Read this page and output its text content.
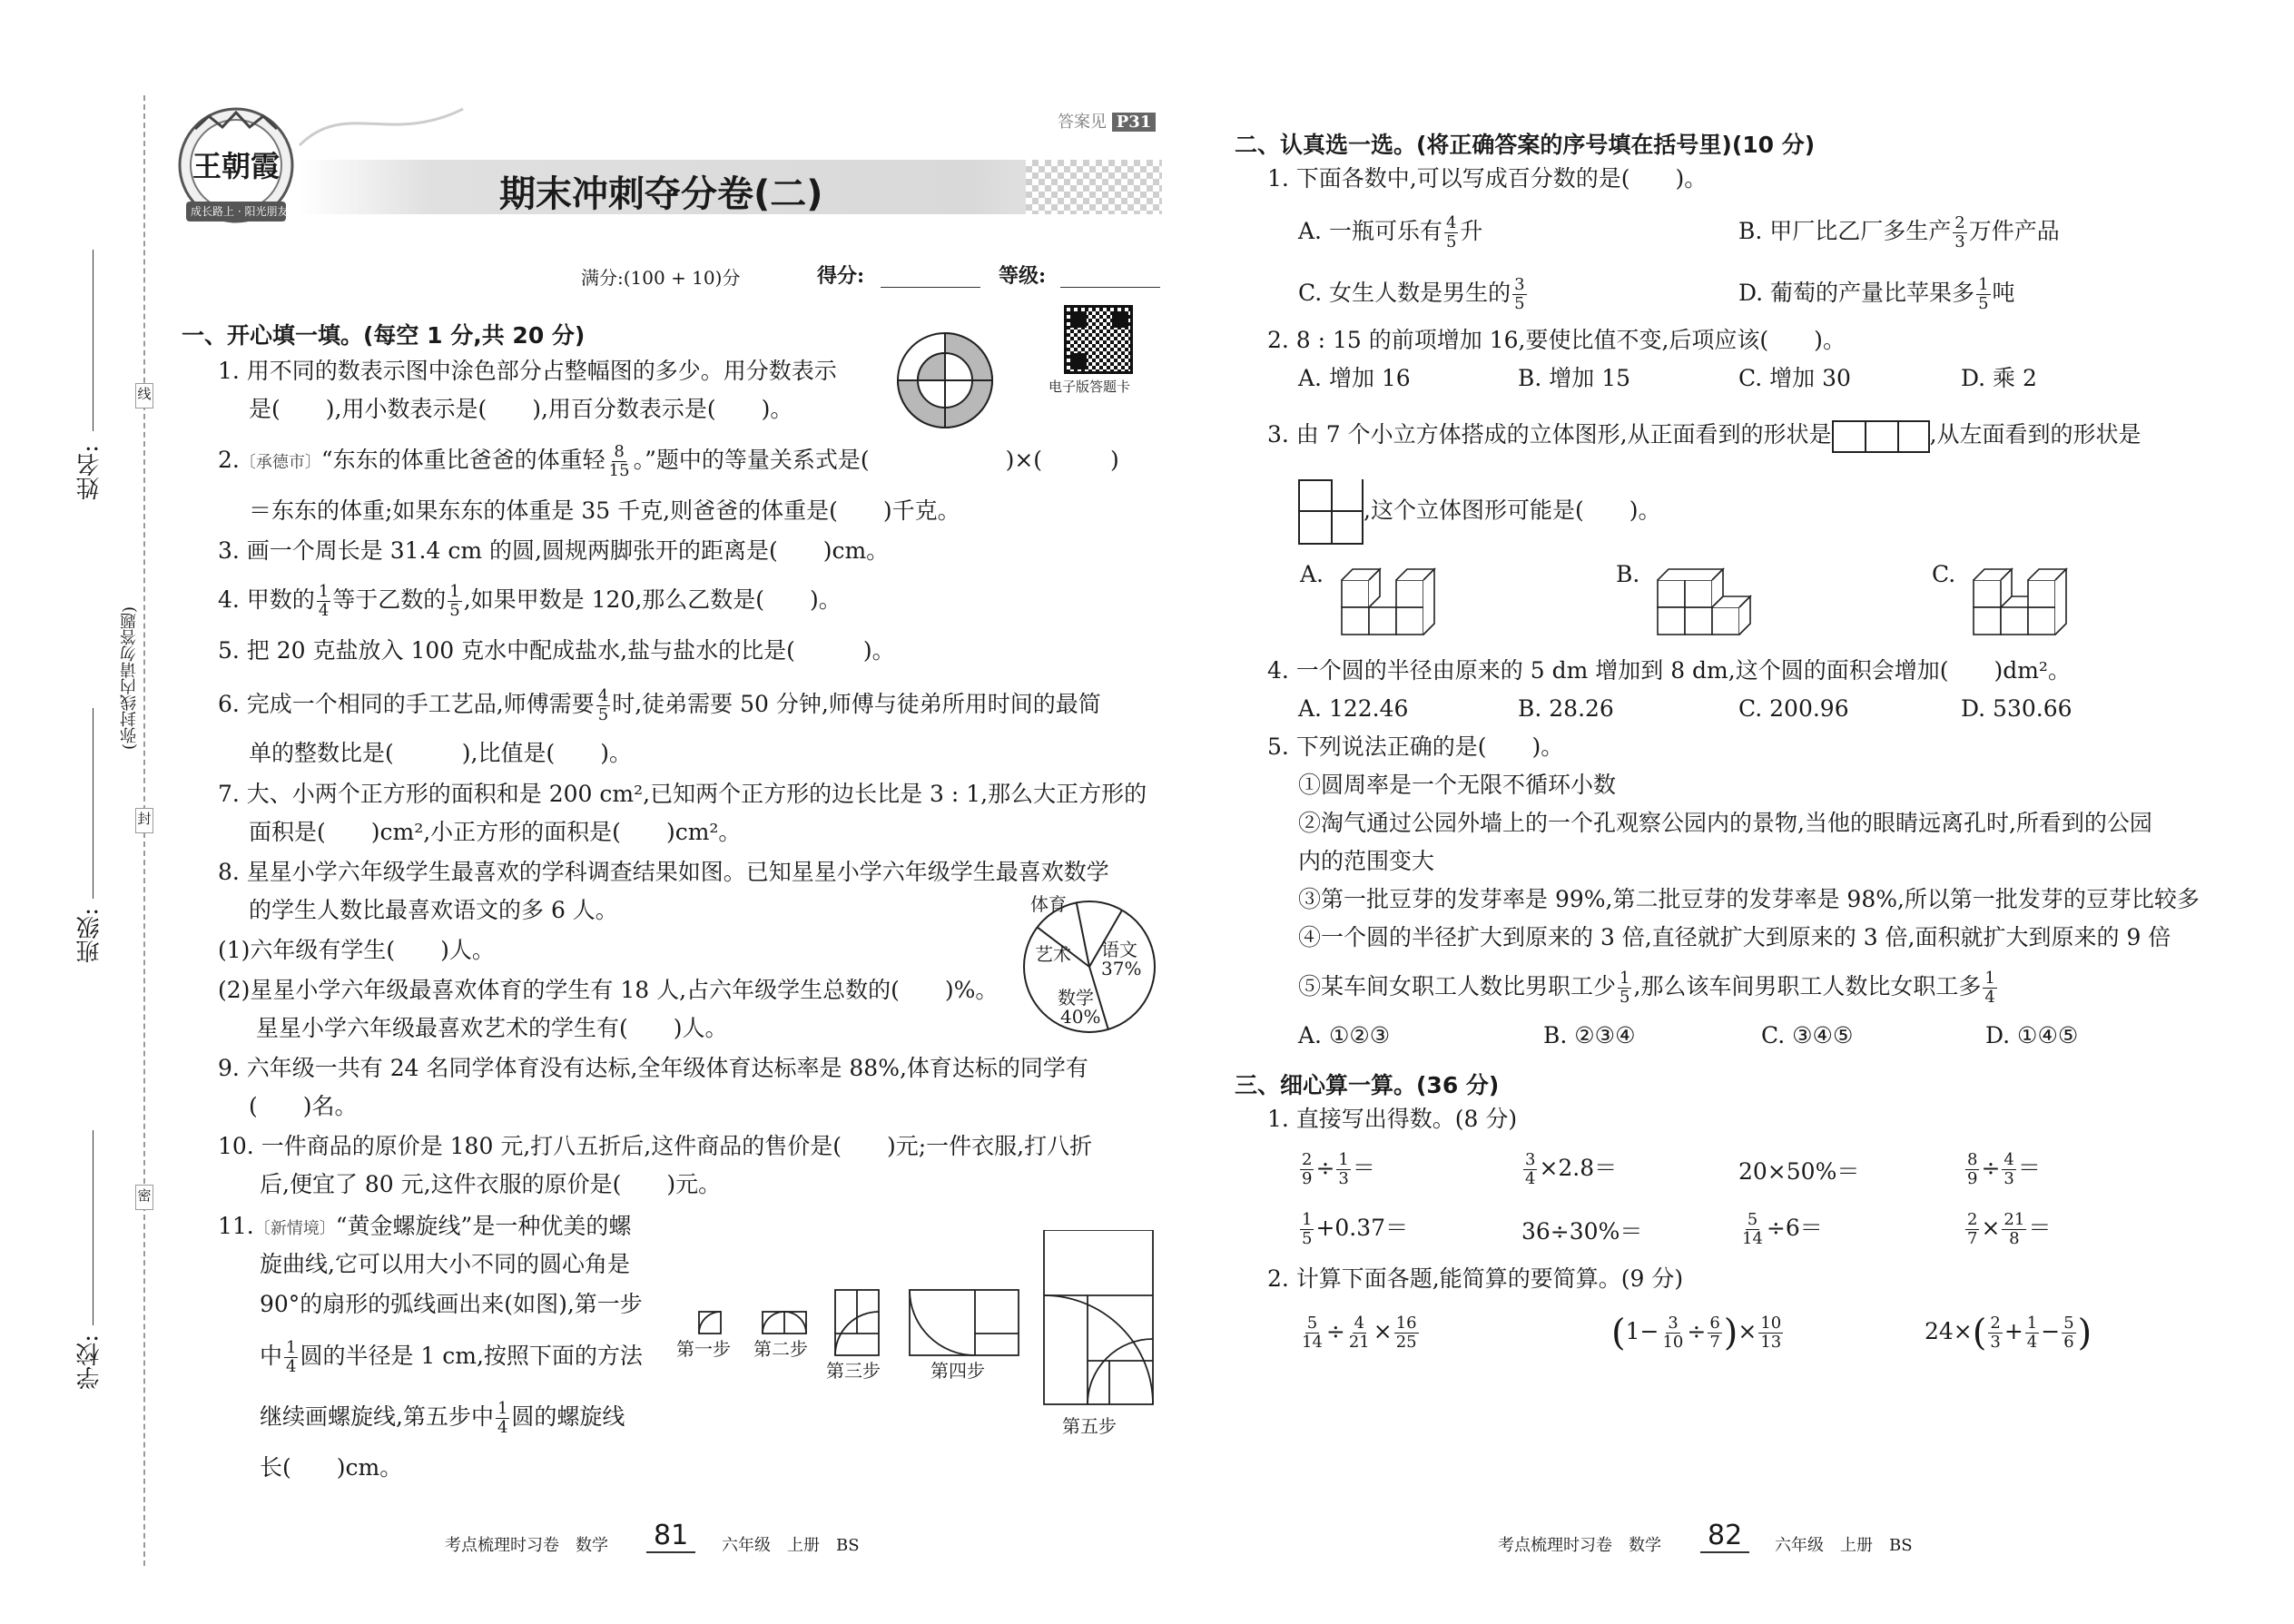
姓名:
班级:
学校:
线
(弥封线内请勿答题)
封
密
王朝霞
成长路上 · 阳光朋友
答案见 P31
期末冲刺夺分卷(二)
满分:(100 + 10)分	得分:	等级:
电子版答题卡
一、开心填一填。(每空 1 分,共 20 分)
1. 用不同的数表示图中涂色部分占整幅图的多少。用分数表示
是(　　),用小数表示是(　　),用百分数表示是(　　)。
2.〔承德市〕“东东的体重比爸爸的体重轻 $\frac{8}{15}$ 。”题中的等量关系式是(　　　　　　)×(　　　)
＝东东的体重;如果东东的体重是 35 千克,则爸爸的体重是(　　)千克。
3. 画一个周长是 31.4 cm 的圆,圆规两脚张开的距离是(　　)cm。
4. 甲数的 $\frac{1}{4}$ 等于乙数的 $\frac{1}{5}$ ,如果甲数是 120,那么乙数是(　　)。
5. 把 20 克盐放入 100 克水中配成盐水,盐与盐水的比是(　　　)。
6. 完成一个相同的手工艺品,师傅需要 $\frac{4}{5}$ 时,徒弟需要 50 分钟,师傅与徒弟所用时间的最简
单的整数比是(　　　),比值是(　　)。
7. 大、小两个正方形的面积和是 200 cm²,已知两个正方形的边长比是 3 : 1,那么大正方形的
面积是(　　)cm²,小正方形的面积是(　　)cm²。
8. 星星小学六年级学生最喜欢的学科调查结果如图。已知星星小学六年级学生最喜欢数学
的学生人数比最喜欢语文的多 6 人。
(1)六年级有学生(　　)人。
(2)星星小学六年级最喜欢体育的学生有 18 人,占六年级学生总数的(　　)%。
星星小学六年级最喜欢艺术的学生有(　　)人。
体育
艺术 语文
37%
数学
40%
9. 六年级一共有 24 名同学体育没有达标,全年级体育达标率是 88%,体育达标的同学有
(　　)名。
10. 一件商品的原价是 180 元,打八五折后,这件商品的售价是(　　)元;一件衣服,打八折
后,便宜了 80 元,这件衣服的原价是(　　)元。
11.〔新情境〕“黄金螺旋线”是一种优美的螺
旋曲线,它可以用大小不同的圆心角是
90°的扇形的弧线画出来(如图),第一步
中 $\frac{1}{4}$ 圆的半径是 1 cm,按照下面的方法
继续画螺旋线,第五步中 $\frac{1}{4}$ 圆的螺旋线
长(　　)cm。
第一步 第二步
第三步	第四步
第五步
二、认真选一选。(将正确答案的序号填在括号里)(10 分)
1. 下面各数中,可以写成百分数的是(　　)。
A. 一瓶可乐有 $\frac{4}{5}$ 升	B. 甲厂比乙厂多生产 $\frac{2}{3}$ 万件产品
C. 女生人数是男生的 $\frac{3}{5}$	D. 葡萄的产量比苹果多 $\frac{1}{5}$ 吨
2. 8 : 15 的前项增加 16,要使比值不变,后项应该(　　)。
A. 增加 16	B. 增加 15	C. 增加 30	D. 乘 2
3. 由 7 个小立方体搭成的立体图形,从正面看到的形状是	,从左面看到的形状是
,这个立体图形可能是(　　)。
A.	B.	C.
4. 一个圆的半径由原来的 5 dm 增加到 8 dm,这个圆的面积会增加(　　)dm²。
A. 122.46	B. 28.26	C. 200.96	D. 530.66
5. 下列说法正确的是(　　)。
①圆周率是一个无限不循环小数
②淘气通过公园外墙上的一个孔观察公园内的景物,当他的眼睛远离孔时,所看到的公园
内的范围变大
③第一批豆芽的发芽率是 99%,第二批豆芽的发芽率是 98%,所以第一批发芽的豆芽比较多
④一个圆的半径扩大到原来的 3 倍,直径就扩大到原来的 3 倍,面积就扩大到原来的 9 倍
⑤某车间女职工人数比男职工少 $\frac{1}{5}$ ,那么该车间男职工人数比女职工多 $\frac{1}{4}$
A. ①②③	B. ②③④	C. ③④⑤	D. ①④⑤
三、细心算一算。(36 分)
1. 直接写出得数。(8 分)
$\frac{2}{9} \div \frac{1}{3}$ ＝	$\frac{3}{4} \times 2.8=$	20×50%＝	$\frac{8}{9} \div \frac{4}{3}$ ＝
$\frac{1}{5} +0.37=$	36÷30%＝	$\frac{5}{14} \div 6=$	$\frac{2}{7} \times \frac{21}{8}$ ＝
2. 计算下面各题,能简算的要简算。(9 分)
$\frac{5}{14} \div \frac{4}{21} \times \frac{16}{25}$	($1- \frac{3}{10} \div \frac{6}{7}$ )× $\frac{10}{13}$	$24\times( \frac{2}{3} + \frac{1}{4} - \frac{5}{6}$ )
考点梳理时习卷　数学 81	六年级　上册　BS	考点梳理时习卷　数学 82	六年级　上册　BS
